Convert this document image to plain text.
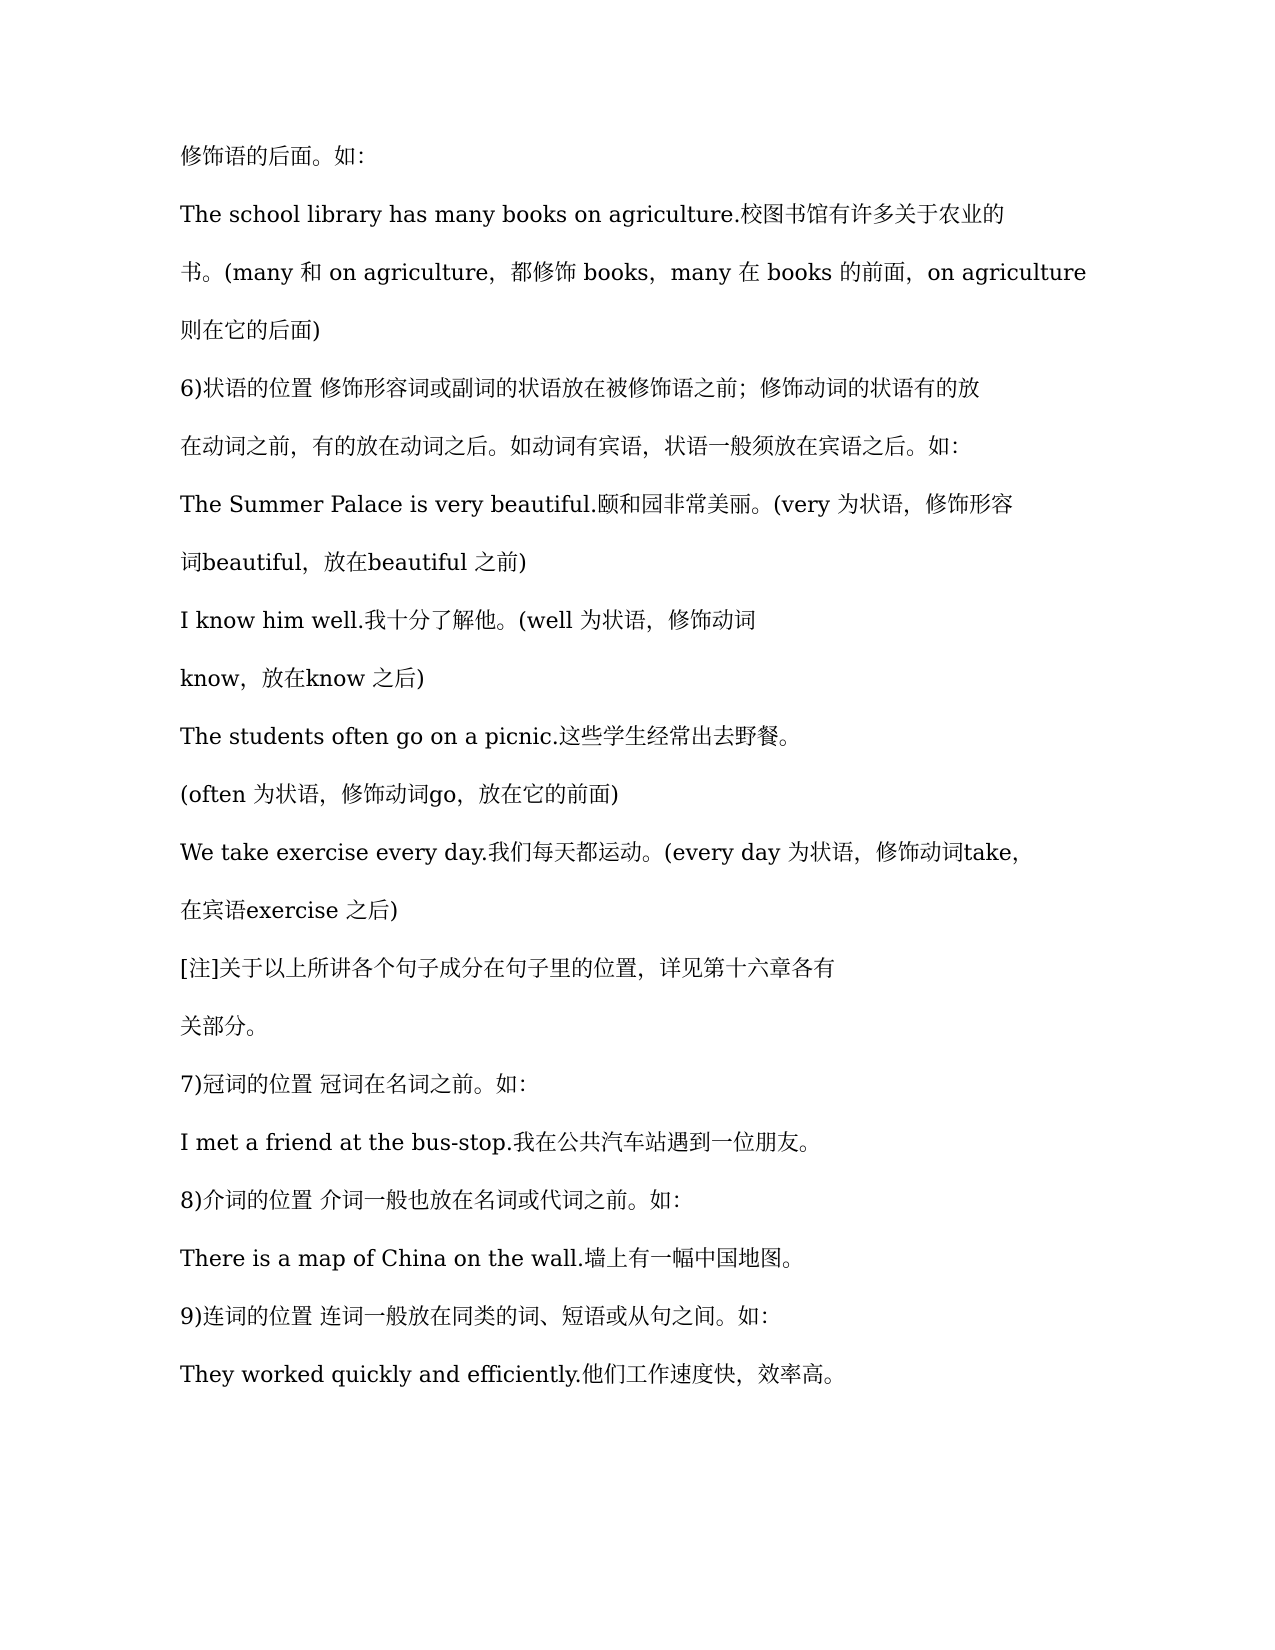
修饰语的后面。如：

The school library has many books on agriculture.校图书馆有许多关于农业的

书。(many 和 on agriculture，都修饰 books，many 在 books 的前面，on agriculture

则在它的后面)

6)状语的位置 修饰形容词或副词的状语放在被修饰语之前；修饰动词的状语有的放

在动词之前，有的放在动词之后。如动词有宾语，状语一般须放在宾语之后。如：

The Summer Palace is very beautiful.颐和园非常美丽。(very 为状语，修饰形容

词beautiful，放在beautiful 之前)

I know him well.我十分了解他。(well 为状语，修饰动词

know，放在know 之后)

The students often go on a picnic.这些学生经常出去野餐。

(often 为状语，修饰动词go，放在它的前面)

We take exercise every day.我们每天都运动。(every day 为状语，修饰动词take，

在宾语exercise 之后)

[注]关于以上所讲各个句子成分在句子里的位置，详见第十六章各有

关部分。

7)冠词的位置 冠词在名词之前。如：

I met a friend at the bus-stop.我在公共汽车站遇到一位朋友。

8)介词的位置 介词一般也放在名词或代词之前。如：

There is a map of China on the wall.墙上有一幅中国地图。

9)连词的位置 连词一般放在同类的词、短语或从句之间。如：

They worked quickly and efficiently.他们工作速度快，效率高。
